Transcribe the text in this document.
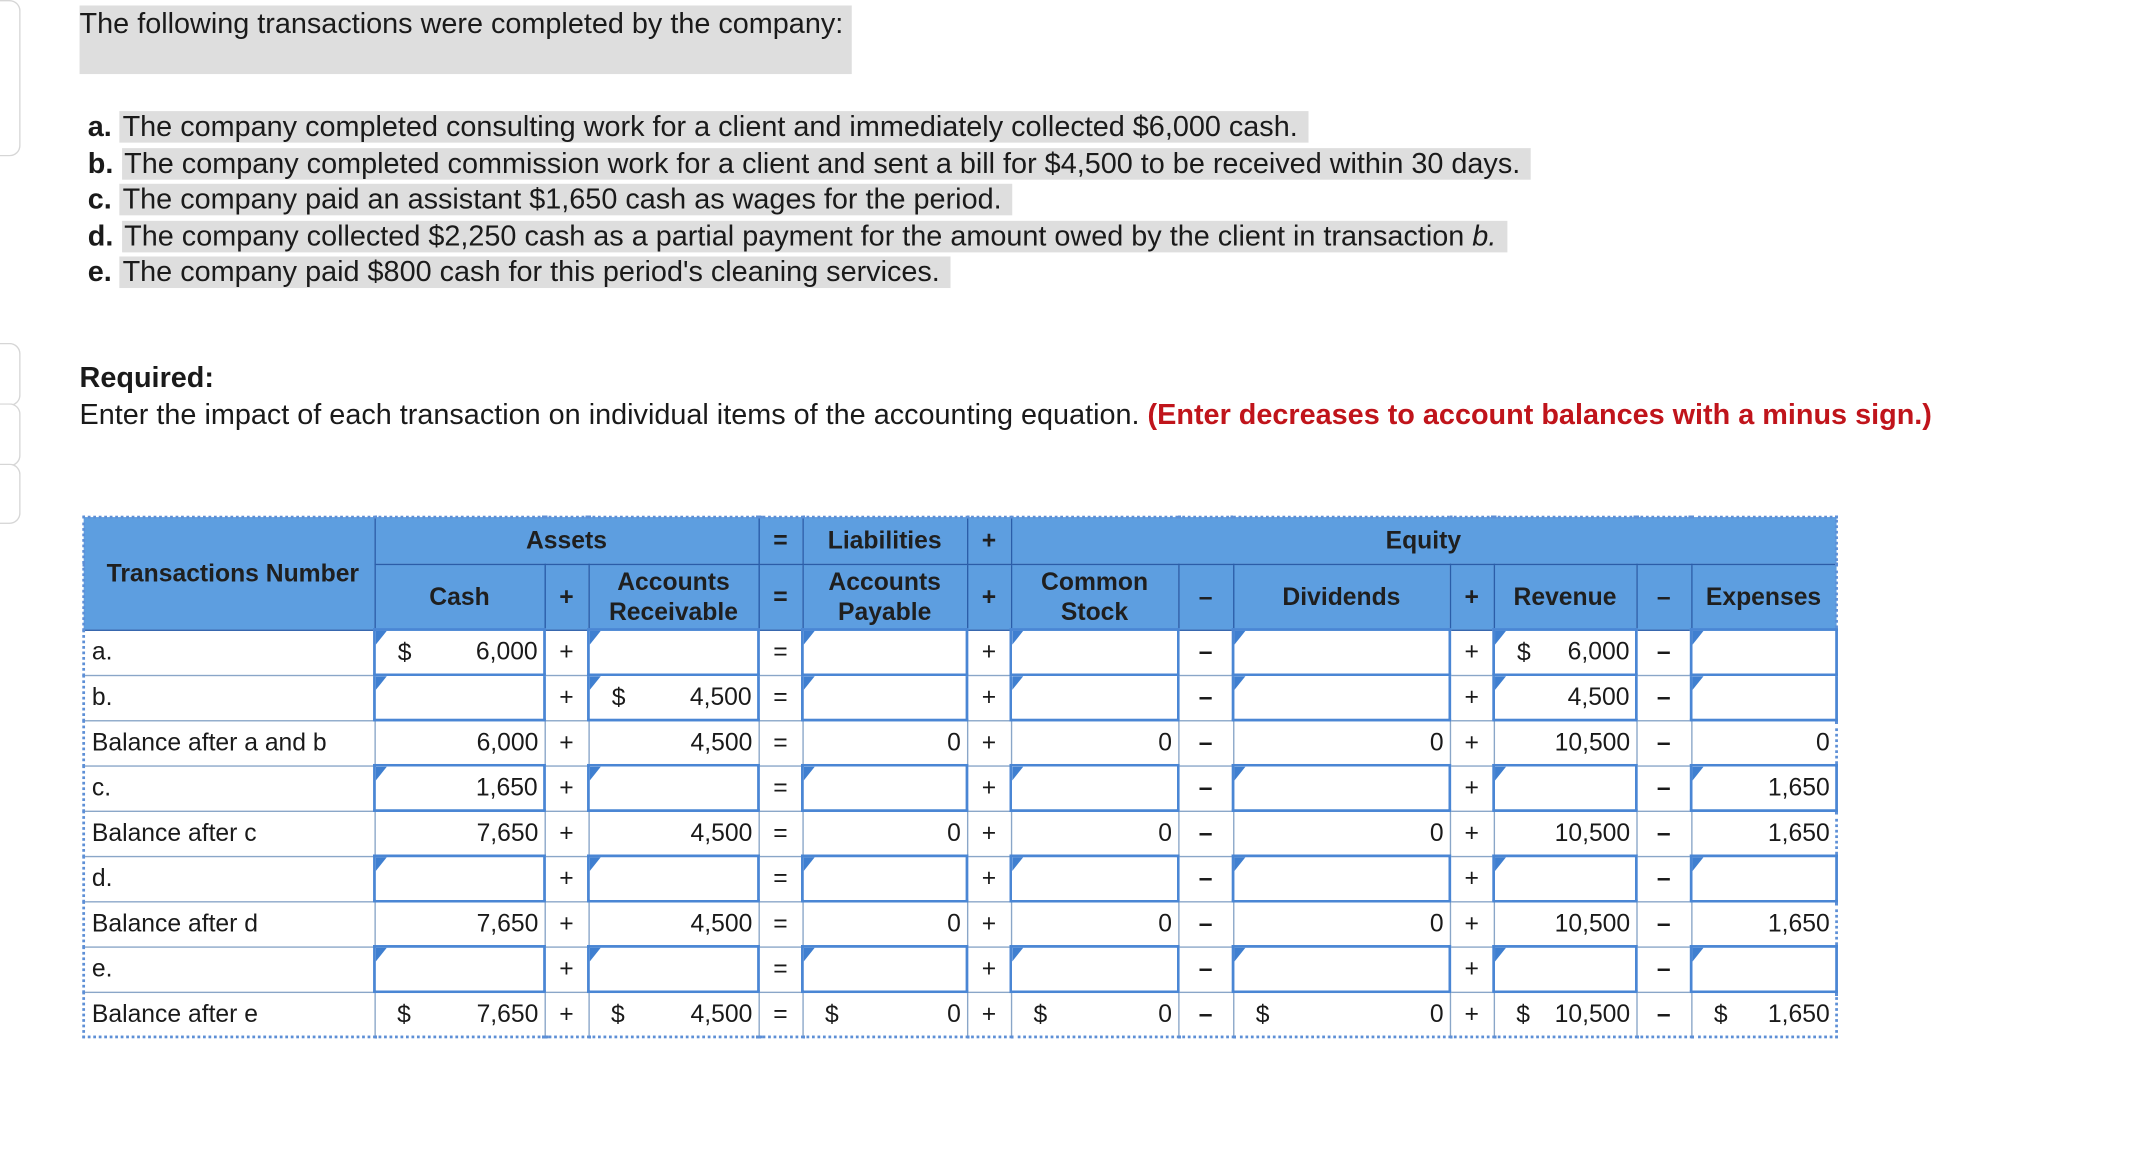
The following transactions were completed by the company:
a. The company completed consulting work for a client and immediately collected $6,000 cash.
b. The company completed commission work for a client and sent a bill for $4,500 to be received within 30 days.
c. The company paid an assistant $1,650 cash as wages for the period.
d. The company collected $2,250 cash as a partial payment for the amount owed by the client in transaction b.
e. The company paid $800 cash for this period's cleaning services.
Required:
Enter the impact of each transaction on individual items of the accounting equation. (Enter decreases to account balances with a minus sign.)
Transactions Number	Assets			=	Liabilities	+	Equity						
	Cash	+	Accounts Receivable	=	Accounts Payable	+	Common Stock	–	Dividends	+	Revenue	–	Expenses
a.	$ 6,000	+		=		+		–		+	$ 6,000	–	

b.		+	$ 4,500	=		+		–		+	4,500	–	

Balance after a and b	6,000	+	4,500	=	0	+	0	–	0	+	10,500	–	0
c.	1,650	+		=		+		–		+		–	1,650
Balance after c	7,650	+	4,500	=	0	+	0	–	0	+	10,500	–	1,650
d.		+		=		+		–		+		–	

Balance after d	7,650	+	4,500	=	0	+	0	–	0	+	10,500	–	1,650
e.		+		=		+		–		+		–	

Balance after e	$ 7,650	+	$ 4,500	=	$ 0	+	$ 0	–	$ 0	+	$ 10,500	–	$ 1,650
